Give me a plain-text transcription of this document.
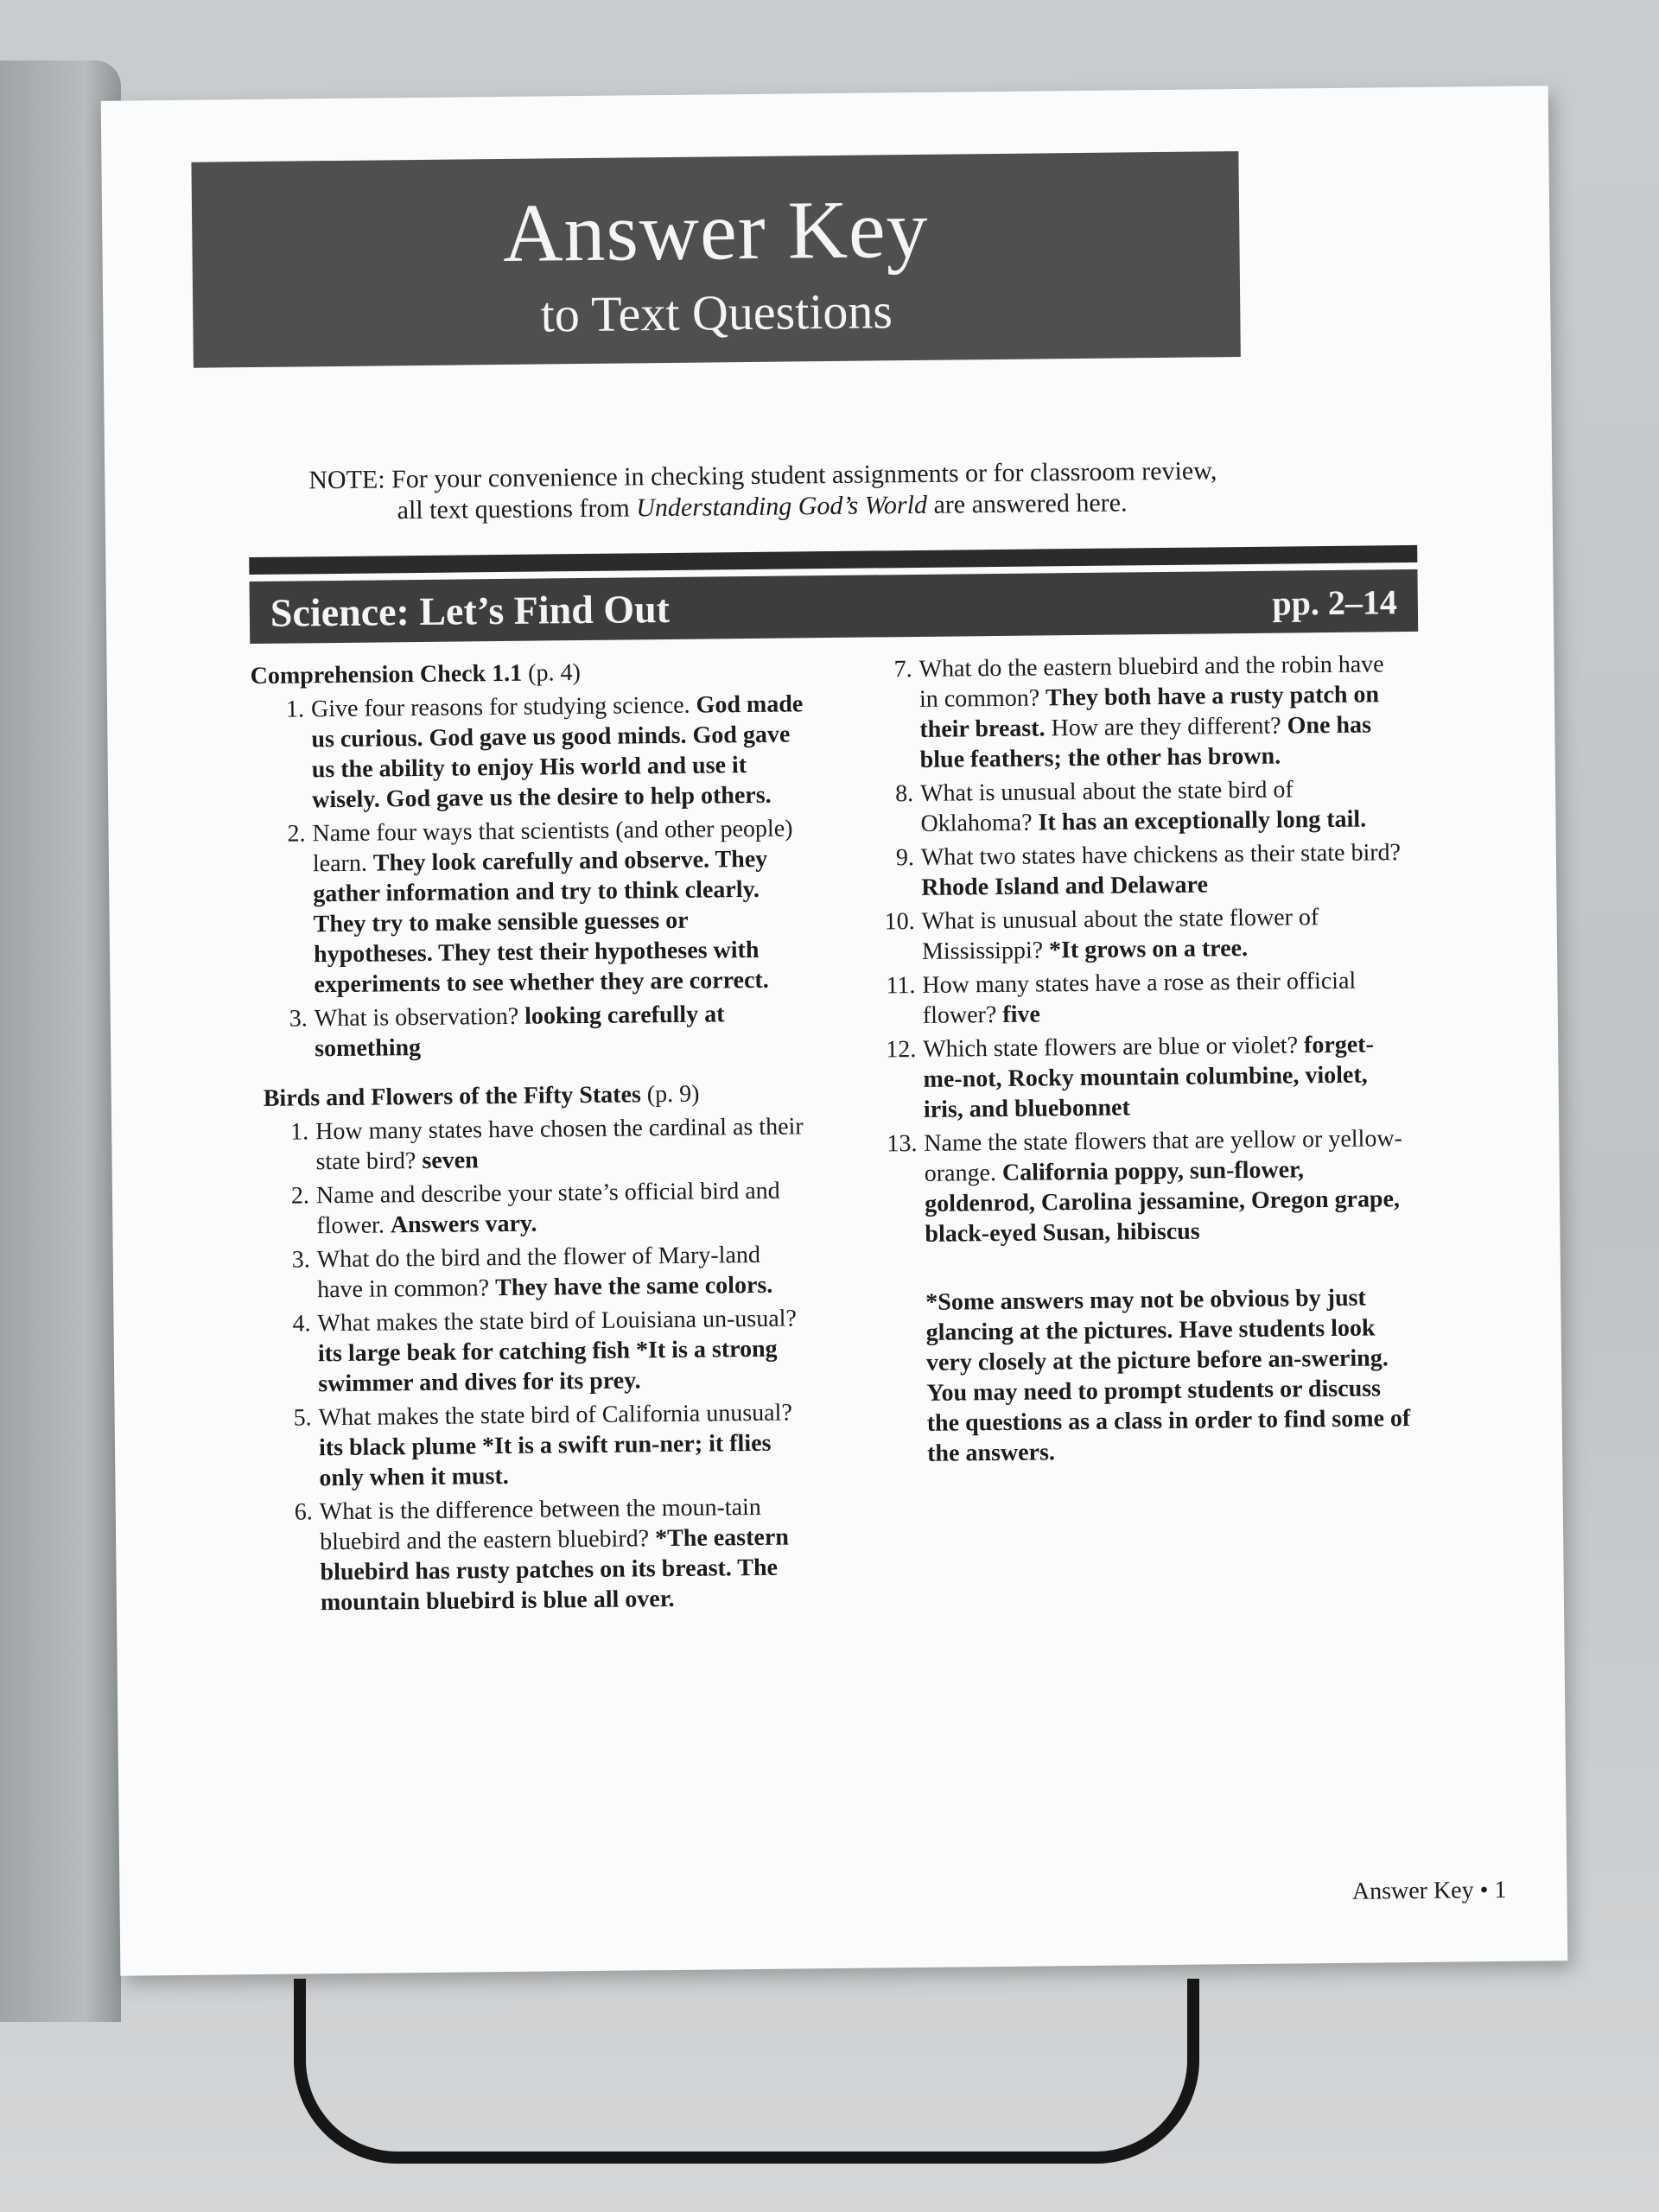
Answer Key
to Text Questions
NOTE: For your convenience in checking student assignments or for classroom review,
all text questions from Understanding God’s World are answered here.
Science: Let’s Find Out	pp. 2–14
Comprehension Check 1.1 (p. 4)
1. Give four reasons for studying science. God made us curious. God gave us good minds. God gave us the ability to enjoy His world and use it wisely. God gave us the desire to help others.
2. Name four ways that scientists (and other people) learn. They look carefully and observe. They gather information and try to think clearly. They try to make sensible guesses or hypotheses. They test their hypotheses with experiments to see whether they are correct.
3. What is observation? looking carefully at something
Birds and Flowers of the Fifty States (p. 9)
1. How many states have chosen the cardinal as their state bird? seven
2. Name and describe your state’s official bird and flower. Answers vary.
3. What do the bird and the flower of Mary-land have in common? They have the same colors.
4. What makes the state bird of Louisiana un-usual? its large beak for catching fish *It is a strong swimmer and dives for its prey.
5. What makes the state bird of California unusual? its black plume *It is a swift run-ner; it flies only when it must.
6. What is the difference between the moun-tain bluebird and the eastern bluebird? *The eastern bluebird has rusty patches on its breast. The mountain bluebird is blue all over.
7. What do the eastern bluebird and the robin have in common? They both have a rusty patch on their breast. How are they different? One has blue feathers; the other has brown.
8. What is unusual about the state bird of Oklahoma? It has an exceptionally long tail.
9. What two states have chickens as their state bird? Rhode Island and Delaware
10. What is unusual about the state flower of Mississippi? *It grows on a tree.
11. How many states have a rose as their official flower? five
12. Which state flowers are blue or violet? forget-me-not, Rocky mountain columbine, violet, iris, and bluebonnet
13. Name the state flowers that are yellow or yellow-orange. California poppy, sun-flower, goldenrod, Carolina jessamine, Oregon grape, black-eyed Susan, hibiscus
*Some answers may not be obvious by just glancing at the pictures. Have students look very closely at the picture before an-swering. You may need to prompt students or discuss the questions as a class in order to find some of the answers.
Answer Key • 1
